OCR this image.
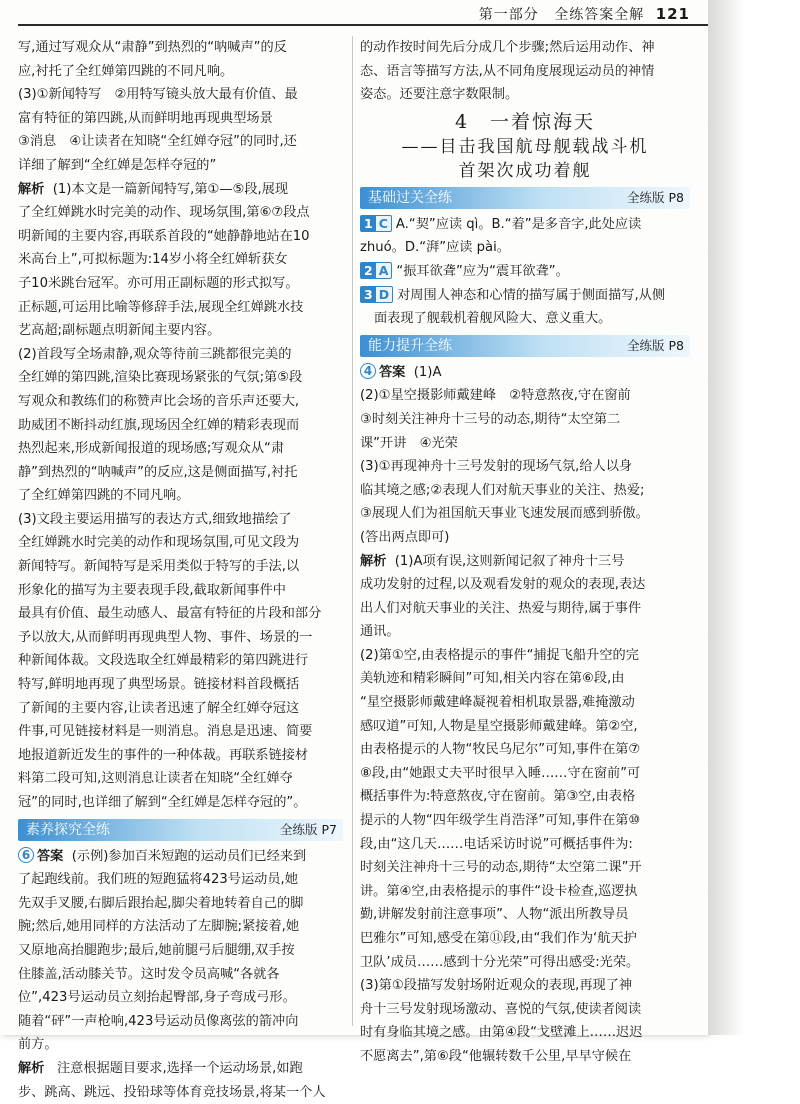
第一部分 全练答案全解 121

写,通过写观众从“肃静”到热烈的“呐喊声”的反

应,衬托了全红婵第四跳的不同凡响。

(3)①新闻特写　②用特写镜头放大最有价值、最

富有特征的第四跳,从而鲜明地再现典型场景

③消息　④让读者在知晓“全红婵夺冠”的同时,还

详细了解到“全红婵是怎样夺冠的”

解析 (1)本文是一篇新闻特写,第①—⑤段,展现

了全红婵跳水时完美的动作、现场氛围,第⑥⑦段点

明新闻的主要内容,再联系首段的“她静静地站在10

米高台上”,可拟标题为:14岁小将全红婵斩获女

子10米跳台冠军。亦可用正副标题的形式拟写。

正标题,可运用比喻等修辞手法,展现全红婵跳水技

艺高超;副标题点明新闻主要内容。

(2)首段写全场肃静,观众等待前三跳都很完美的

全红婵的第四跳,渲染比赛现场紧张的气氛;第⑤段

写观众和教练们的称赞声比会场的音乐声还要大,

助威团不断抖动红旗,现场因全红婵的精彩表现而

热烈起来,形成新闻报道的现场感;写观众从“肃

静”到热烈的“呐喊声”的反应,这是侧面描写,衬托

了全红婵第四跳的不同凡响。

(3)文段主要运用描写的表达方式,细致地描绘了

全红婵跳水时完美的动作和现场氛围,可见文段为

新闻特写。新闻特写是采用类似于特写的手法,以

形象化的描写为主要表现手段,截取新闻事件中

最具有价值、最生动感人、最富有特征的片段和部分

予以放大,从而鲜明再现典型人物、事件、场景的一

种新闻体裁。文段选取全红婵最精彩的第四跳进行

特写,鲜明地再现了典型场景。链接材料首段概括

了新闻的主要内容,让读者迅速了解全红婵夺冠这

件事,可见链接材料是一则消息。消息是迅速、简要

地报道新近发生的事件的一种体裁。再联系链接材

料第二段可知,这则消息让读者在知晓“全红婵夺

冠”的同时,也详细了解到“全红婵是怎样夺冠的”。

素养探究全练	全练版 P7

6 答案 (示例)参加百米短跑的运动员们已经来到

了起跑线前。我们班的短跑猛将423号运动员,她

先双手叉腰,右脚后跟抬起,脚尖着地转着自己的脚

腕;然后,她用同样的方法活动了左脚腕;紧接着,她

又原地高抬腿跑步;最后,她前腿弓后腿绷,双手按

住膝盖,活动膝关节。这时发令员高喊“各就各

位”,423号运动员立刻抬起臀部,身子弯成弓形。

随着“砰”一声枪响,423号运动员像离弦的箭冲向

前方。

解析 注意根据题目要求,选择一个运动场景,如跑

步、跳高、跳远、投铅球等体育竞技场景,将某一个人

的动作按时间先后分成几个步骤;然后运用动作、神

态、语言等描写方法,从不同角度展现运动员的神情

姿态。还要注意字数限制。

4　一着惊海天
——目击我国航母舰载战斗机
首架次成功着舰
基础过关全练	全练版 P8

1 C A.“契”应读 qì。B.“着”是多音字,此处应读

zhuó。D.“湃”应读 pài。

2 A “振耳欲聋”应为“震耳欲聋”。

3 D 对周围人神态和心情的描写属于侧面描写,从侧

面表现了舰载机着舰风险大、意义重大。

能力提升全练	全练版 P8

4 答案 (1)A

(2)①星空摄影师戴建峰　②特意熬夜,守在窗前

③时刻关注神舟十三号的动态,期待“太空第二

课”开讲　④光荣

(3)①再现神舟十三号发射的现场气氛,给人以身

临其境之感;②表现人们对航天事业的关注、热爱;

③展现人们为祖国航天事业飞速发展而感到骄傲。

(答出两点即可)

解析 (1)A项有误,这则新闻记叙了神舟十三号

成功发射的过程,以及观看发射的观众的表现,表达

出人们对航天事业的关注、热爱与期待,属于事件

通讯。

(2)第①空,由表格提示的事件“捕捉飞船升空的完

美轨迹和精彩瞬间”可知,相关内容在第⑥段,由

“星空摄影师戴建峰凝视着相机取景器,难掩激动

感叹道”可知,人物是星空摄影师戴建峰。第②空,

由表格提示的人物“牧民乌尼尔”可知,事件在第⑦

⑧段,由“她跟丈夫平时很早入睡……守在窗前”可

概括事件为:特意熬夜,守在窗前。第③空,由表格

提示的人物“四年级学生肖浩泽”可知,事件在第⑩

段,由“这几天……电话采访时说”可概括事件为:

时刻关注神舟十三号的动态,期待“太空第二课”开

讲。第④空,由表格提示的事件“设卡检查,巡逻执

勤,讲解发射前注意事项”、人物“派出所教导员

巴雅尔”可知,感受在第⑪段,由“我们作为‘航天护

卫队’成员……感到十分光荣”可得出感受:光荣。

(3)第①段描写发射场附近观众的表现,再现了神

舟十三号发射现场激动、喜悦的气氛,使读者阅读

时有身临其境之感。由第④段“戈壁滩上……迟迟

不愿离去”,第⑥段“他辗转数千公里,早早守候在
